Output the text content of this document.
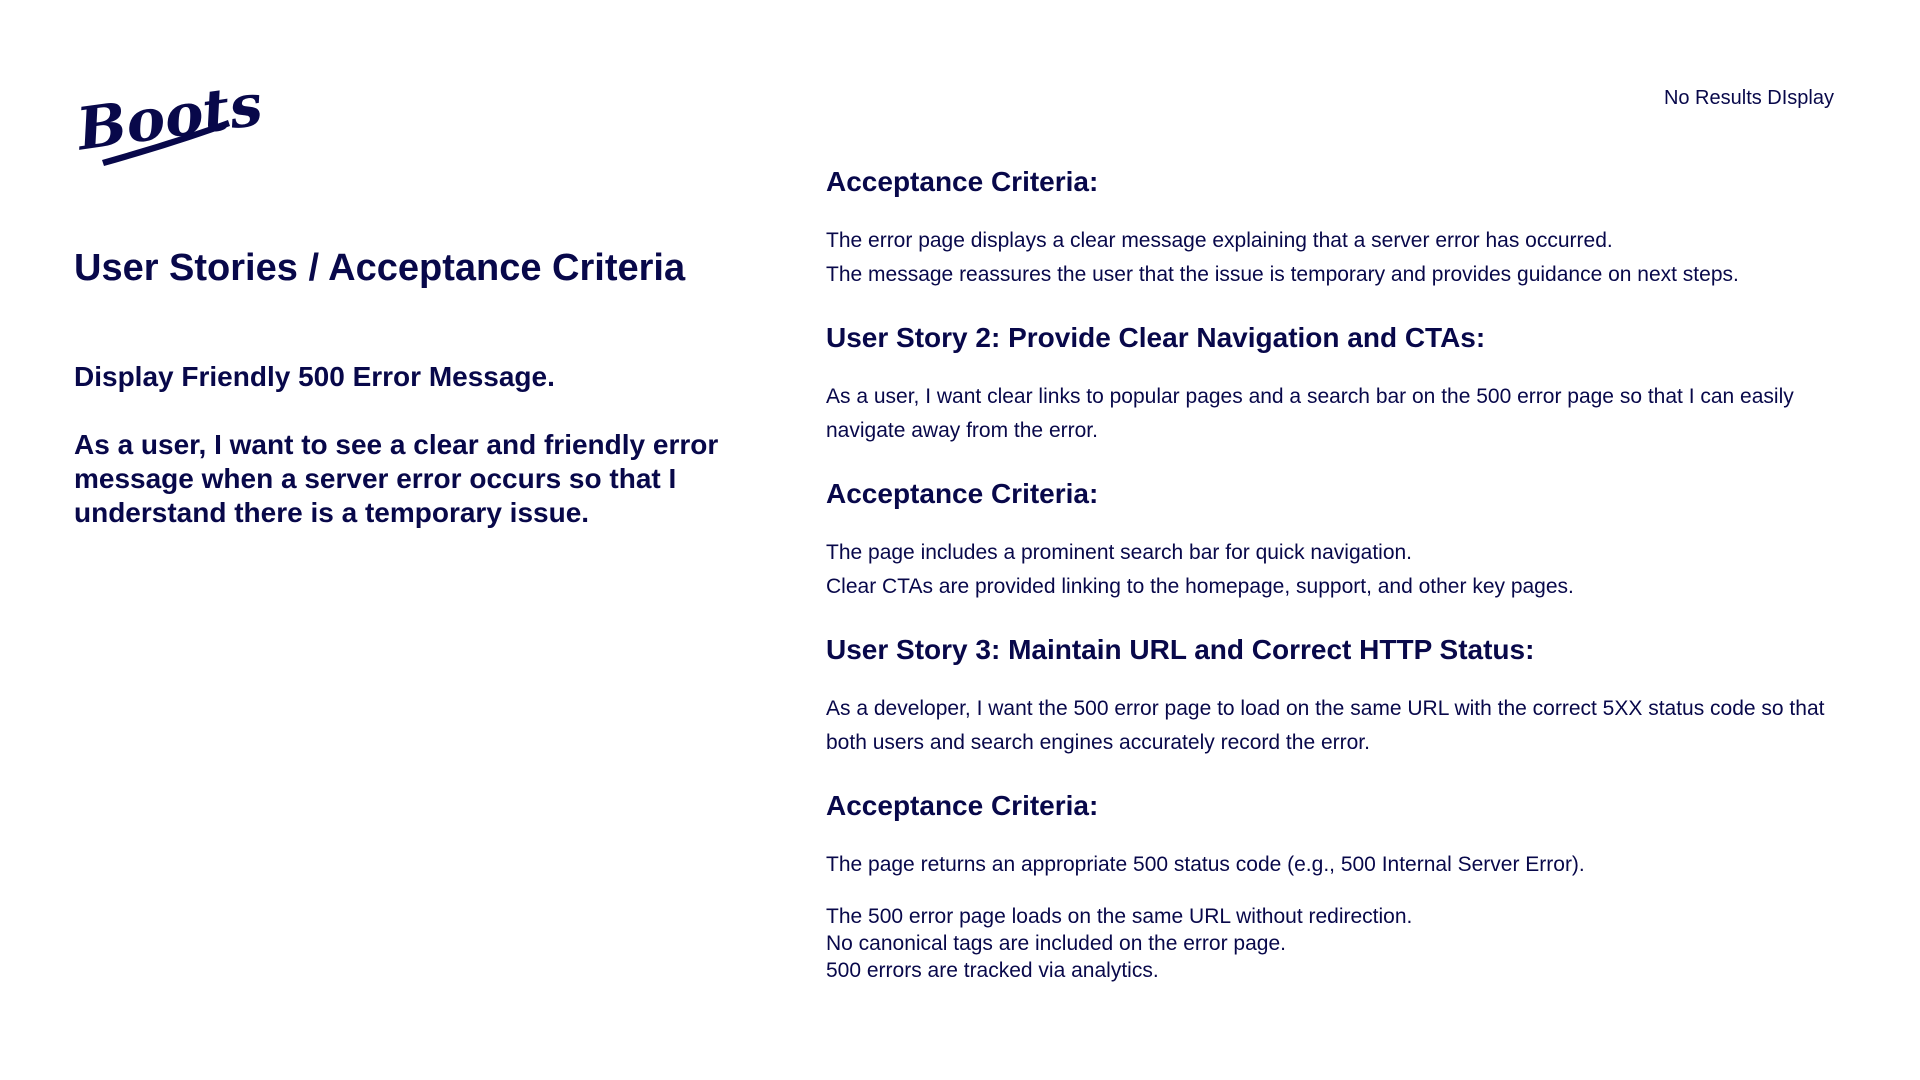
Boots	No Results DIsplay
User Stories / Acceptance Criteria

Display Friendly 500 Error Message.

As a user, I want to see a clear and friendly error message when a server error occurs so that I understand there is a temporary issue.

Acceptance Criteria:

The error page displays a clear message explaining that a server error has occurred.

The message reassures the user that the issue is temporary and provides guidance on next steps.

User Story 2: Provide Clear Navigation and CTAs:

As a user, I want clear links to popular pages and a search bar on the 500 error page so that I can easily navigate away from the error.

Acceptance Criteria:

The page includes a prominent search bar for quick navigation.

Clear CTAs are provided linking to the homepage, support, and other key pages.

User Story 3: Maintain URL and Correct HTTP Status:

As a developer, I want the 500 error page to load on the same URL with the correct 5XX status code so that both users and search engines accurately record the error.

Acceptance Criteria:

The page returns an appropriate 500 status code (e.g., 500 Internal Server Error).

The 500 error page loads on the same URL without redirection.

No canonical tags are included on the error page.

500 errors are tracked via analytics.
